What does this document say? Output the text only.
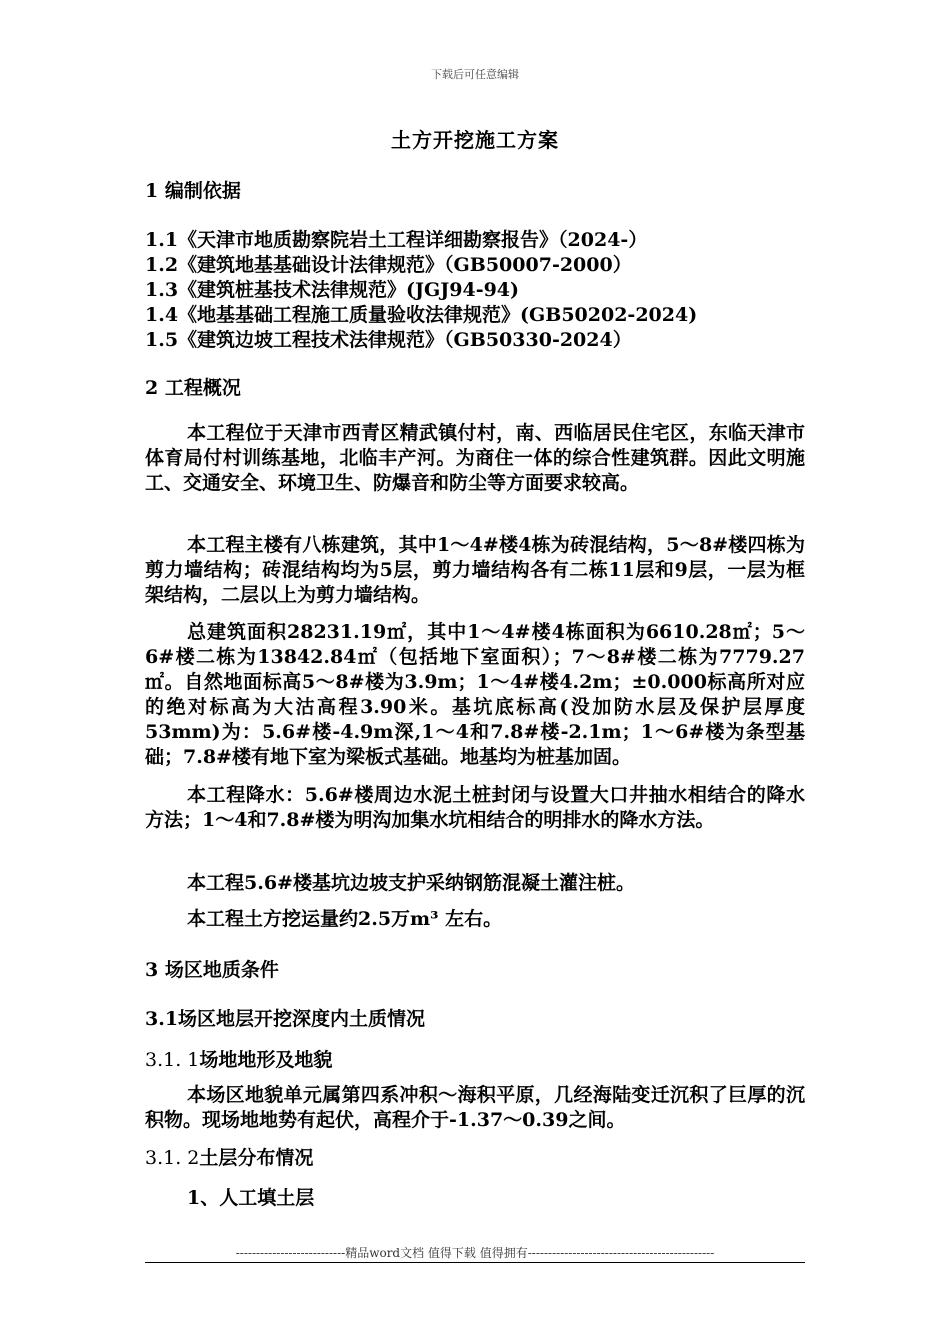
下载后可任意编辑
土方开挖施工方案
1 编制依据
1.1《天津市地质勘察院岩土工程详细勘察报告》（2024-）
1.2《建筑地基基础设计法律规范》（GB50007-2000）
1.3《建筑桩基技术法律规范》(JGJ94-94)
1.4《地基基础工程施工质量验收法律规范》(GB50202-2024)
1.5《建筑边坡工程技术法律规范》（GB50330-2024）
2 工程概况
本工程位于天津市西青区精武镇付村，南、西临居民住宅区，东临天津市体育局付村训练基地，北临丰产河。为商住一体的综合性建筑群。因此文明施工、交通安全、环境卫生、防爆音和防尘等方面要求较高。
本工程主楼有八栋建筑，其中1～4#楼4栋为砖混结构，5～8#楼四栋为剪力墙结构；砖混结构均为5层，剪力墙结构各有二栋11层和9层，一层为框架结构，二层以上为剪力墙结构。
总建筑面积28231.19㎡，其中1～4#楼4栋面积为6610.28㎡；5～6#楼二栋为13842.84㎡（包括地下室面积）；7～8#楼二栋为7779.27㎡。自然地面标高5～8#楼为3.9m；1～4#楼4.2m；±0.000标高所对应的绝对标高为大沽高程3.90米。基坑底标高(没加防水层及保护层厚度53mm)为：5.6#楼-4.9m深,1～4和7.8#楼-2.1m；1～6#楼为条型基础；7.8#楼有地下室为梁板式基础。地基均为桩基加固。
本工程降水：5.6#楼周边水泥土桩封闭与设置大口井抽水相结合的降水方法；1～4和7.8#楼为明沟加集水坑相结合的明排水的降水方法。
本工程5.6#楼基坑边坡支护采纳钢筋混凝土灌注桩。
本工程土方挖运量约2.5万m³ 左右。
3 场区地质条件
3.1场区地层开挖深度内土质情况
3.1. 1场地地形及地貌
本场区地貌单元属第四系冲积～海积平原，几经海陆变迁沉积了巨厚的沉积物。现场地地势有起伏，高程介于-1.37～0.39之间。
3.1. 2土层分布情况
1、人工填土层
---------------------------精品word文档 值得下载 值得拥有----------------------------------------------
